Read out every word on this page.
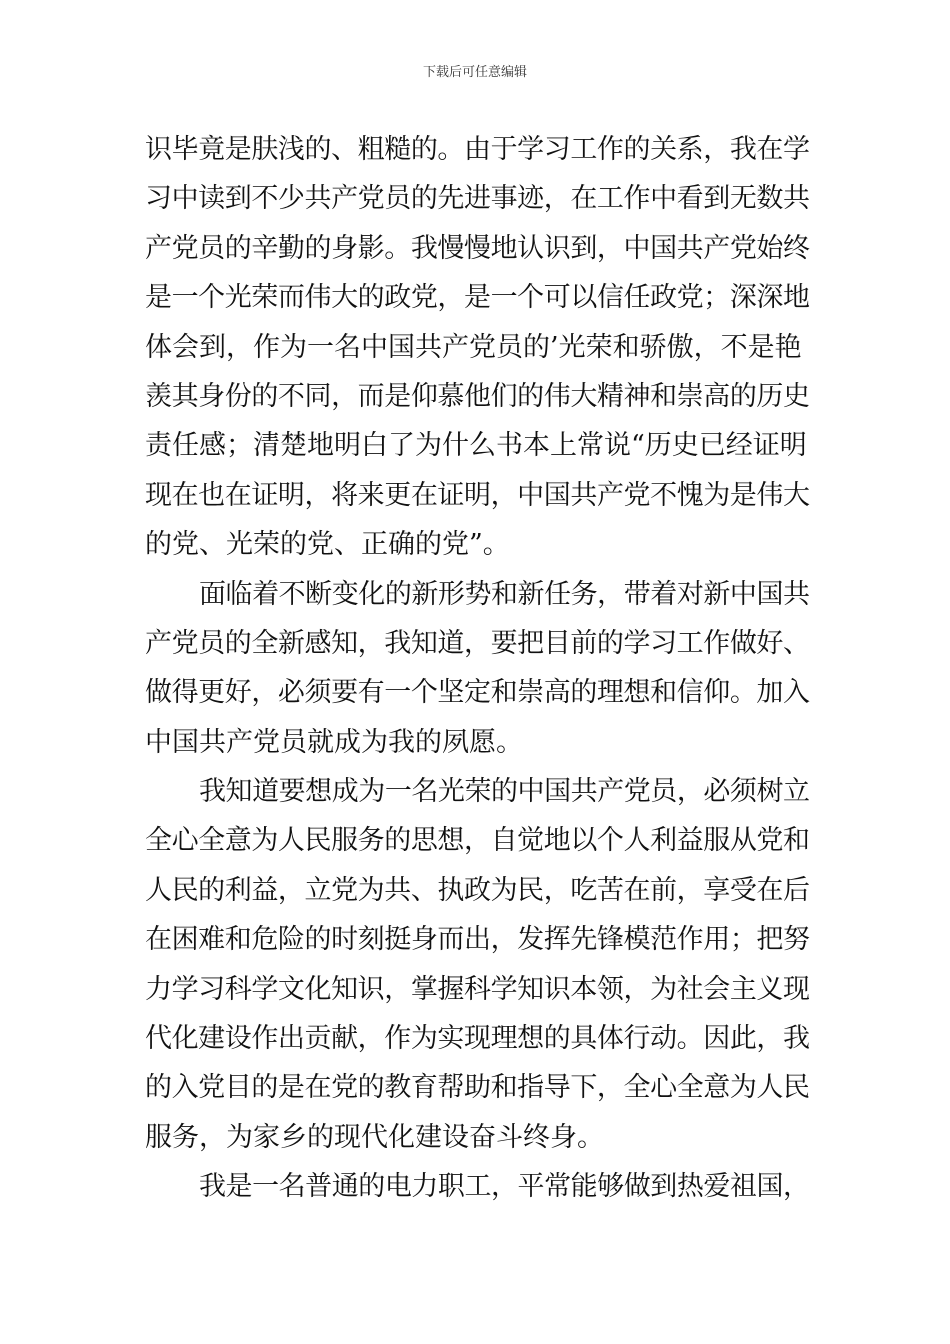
下载后可任意编辑
识毕竟是肤浅的、粗糙的。由于学习工作的关系，我在学
习中读到不少共产党员的先进事迹，在工作中看到无数共
产党员的辛勤的身影。我慢慢地认识到，中国共产党始终
是一个光荣而伟大的政党，是一个可以信任政党；深深地
体会到，作为一名中国共产党员的’光荣和骄傲，不是艳
羡其身份的不同，而是仰慕他们的伟大精神和崇高的历史
责任感；清楚地明白了为什么书本上常说“历史已经证明
现在也在证明，将来更在证明，中国共产党不愧为是伟大
的党、光荣的党、正确的党”。
面临着不断变化的新形势和新任务，带着对新中国共
产党员的全新感知，我知道，要把目前的学习工作做好、
做得更好，必须要有一个坚定和崇高的理想和信仰。加入
中国共产党员就成为我的夙愿。
我知道要想成为一名光荣的中国共产党员，必须树立
全心全意为人民服务的思想，自觉地以个人利益服从党和
人民的利益，立党为共、执政为民，吃苦在前，享受在后
在困难和危险的时刻挺身而出，发挥先锋模范作用；把努
力学习科学文化知识，掌握科学知识本领，为社会主义现
代化建设作出贡献，作为实现理想的具体行动。因此，我
的入党目的是在党的教育帮助和指导下，全心全意为人民
服务，为家乡的现代化建设奋斗终身。
我是一名普通的电力职工，平常能够做到热爱祖国，
